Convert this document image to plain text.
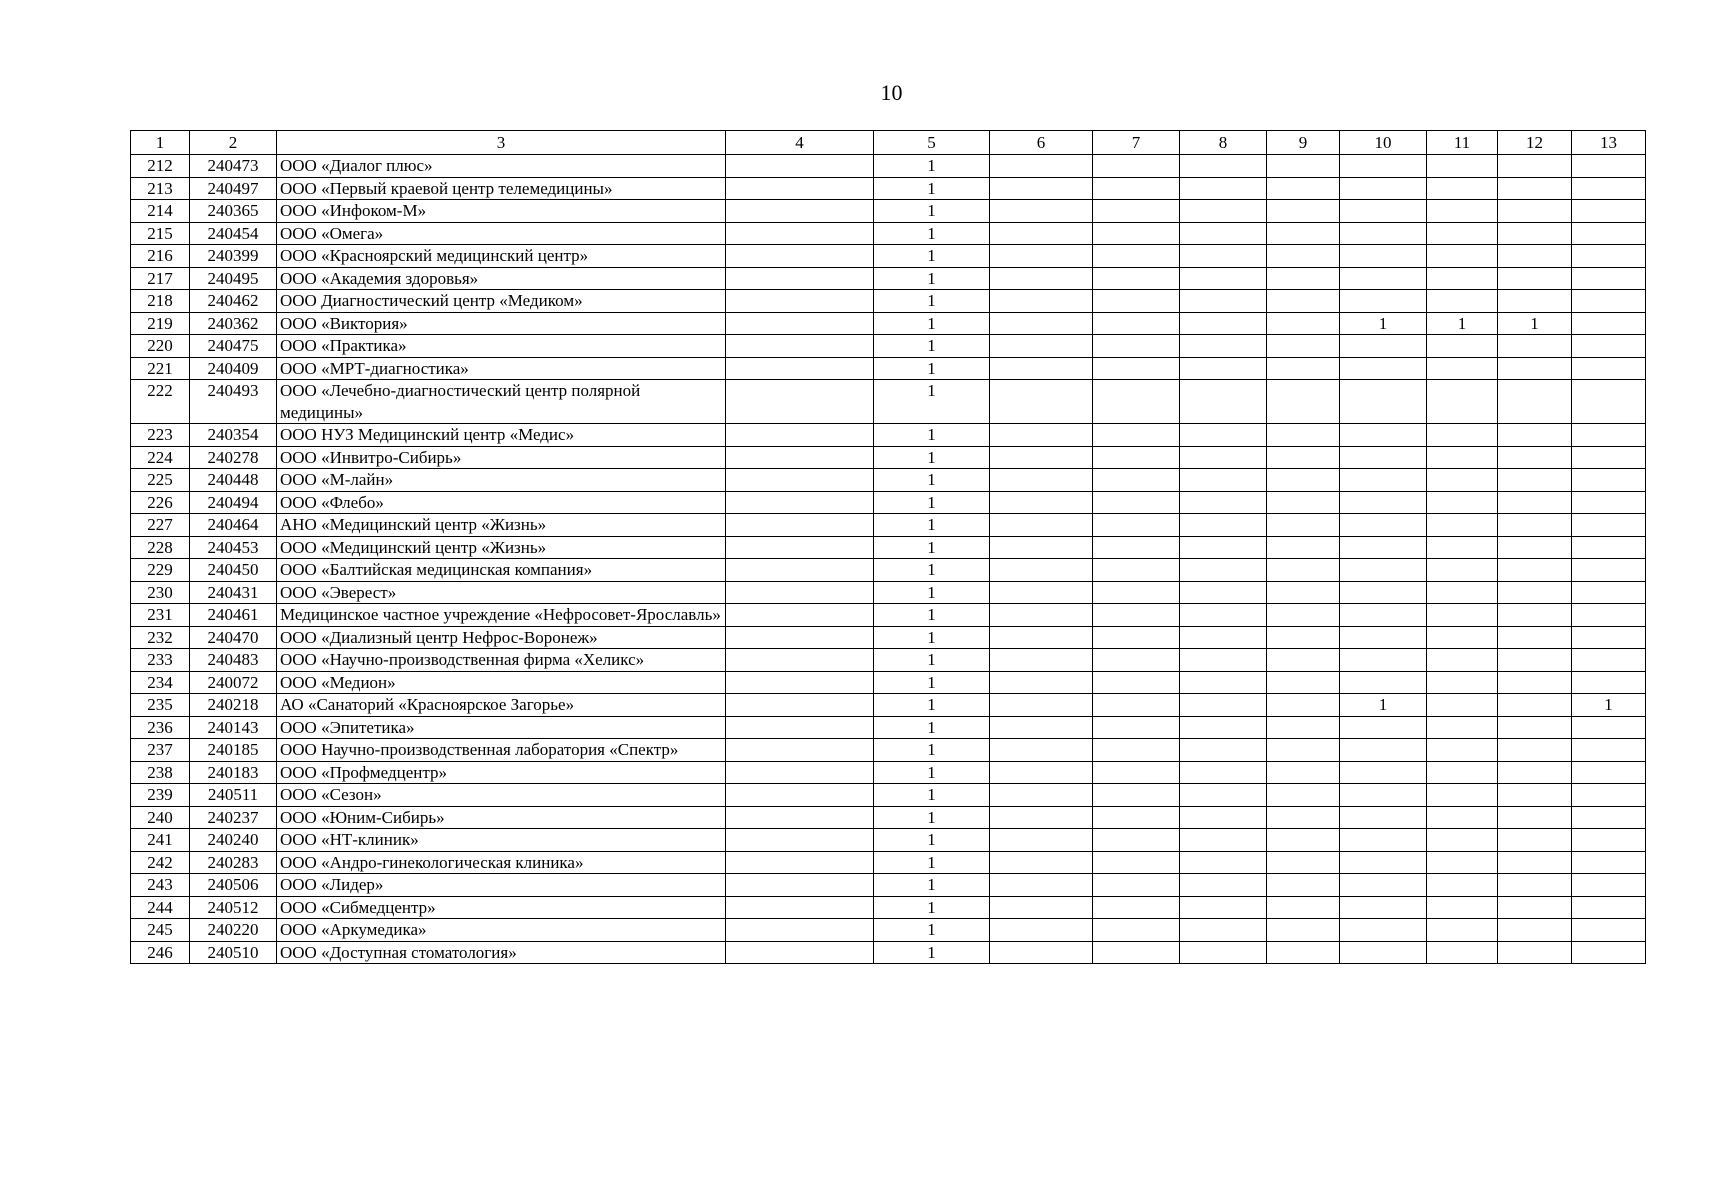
10
1	2	3	4	5	6	7	8	9	10	11	12	13
212	240473	ООО «Диалог плюс»		1								
213	240497	ООО «Первый краевой центр телемедицины»		1								
214	240365	ООО «Инфоком-М»		1								
215	240454	ООО «Омега»		1								
216	240399	ООО «Красноярский медицинский центр»		1								
217	240495	ООО «Академия здоровья»		1								
218	240462	ООО Диагностический центр «Медиком»		1								
219	240362	ООО «Виктория»		1					1	1	1	
220	240475	ООО «Практика»		1								
221	240409	ООО «МРТ-диагностика»		1								
222	240493	ООО «Лечебно-диагностический центр полярной медицины»		1								
223	240354	ООО НУЗ Медицинский центр «Медис»		1								
224	240278	ООО «Инвитро-Сибирь»		1								
225	240448	ООО «М-лайн»		1								
226	240494	ООО «Флебо»		1								
227	240464	АНО «Медицинский центр «Жизнь»		1								
228	240453	ООО «Медицинский центр «Жизнь»		1								
229	240450	ООО «Балтийская медицинская компания»		1								
230	240431	ООО «Эверест»		1								
231	240461	Медицинское частное учреждение «Нефросовет-Ярославль»		1								
232	240470	ООО «Диализный центр Нефрос-Воронеж»		1								
233	240483	ООО «Научно-производственная фирма «Хеликс»		1								
234	240072	ООО «Медион»		1								
235	240218	АО «Санаторий «Красноярское Загорье»		1					1			1
236	240143	ООО «Эпитетика»		1								
237	240185	ООО Научно-производственная лаборатория «Спектр»		1								
238	240183	ООО «Профмедцентр»		1								
239	240511	ООО «Сезон»		1								
240	240237	ООО «Юним-Сибирь»		1								
241	240240	ООО «НТ-клиник»		1								
242	240283	ООО «Андро-гинекологическая клиника»		1								
243	240506	ООО «Лидер»		1								
244	240512	ООО «Сибмедцентр»		1								
245	240220	ООО «Аркумедика»		1								
246	240510	ООО «Доступная стоматология»		1								
